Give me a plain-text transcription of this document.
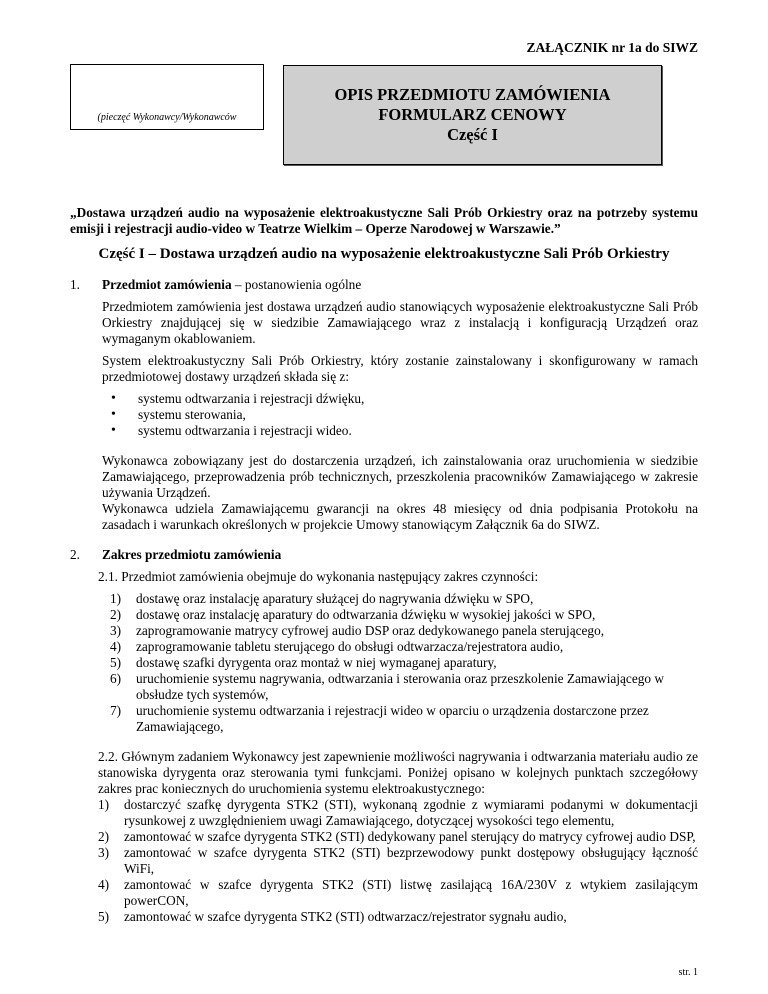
ZAŁĄCZNIK nr 1a do SIWZ
(pieczęć Wykonawcy/Wykonawców
OPIS PRZEDMIOTU ZAMÓWIENIA
FORMULARZ CENOWY
Część I
„Dostawa urządzeń audio na wyposażenie elektroakustyczne Sali Prób Orkiestry oraz na potrzeby systemu emisji i rejestracji audio-video w Teatrze Wielkim – Operze Narodowej w Warszawie.”
Część I – Dostawa urządzeń audio na wyposażenie elektroakustyczne Sali Prób Orkiestry
1. Przedmiot zamówienia – postanowienia ogólne
Przedmiotem zamówienia jest dostawa urządzeń audio stanowiących wyposażenie elektroakustyczne Sali Prób Orkiestry znajdującej się w siedzibie Zamawiającego wraz z instalacją i konfiguracją Urządzeń oraz wymaganym okablowaniem.
System elektroakustyczny Sali Prób Orkiestry, który zostanie zainstalowany i skonfigurowany w ramach przedmiotowej dostawy urządzeń składa się z:
• systemu odtwarzania i rejestracji dźwięku,
• systemu sterowania,
• systemu odtwarzania i rejestracji wideo.
Wykonawca zobowiązany jest do dostarczenia urządzeń, ich zainstalowania oraz uruchomienia w siedzibie Zamawiającego, przeprowadzenia prób technicznych, przeszkolenia pracowników Zamawiającego w zakresie używania Urządzeń.
Wykonawca udziela Zamawiającemu gwarancji na okres 48 miesięcy od dnia podpisania Protokołu na zasadach i warunkach określonych w projekcie Umowy stanowiącym Załącznik 6a do SIWZ.
2. Zakres przedmiotu zamówienia
2.1. Przedmiot zamówienia obejmuje do wykonania następujący zakres czynności:
1) dostawę oraz instalację aparatury służącej do nagrywania dźwięku w SPO,
2) dostawę oraz instalację aparatury do odtwarzania dźwięku w wysokiej jakości w SPO,
3) zaprogramowanie matrycy cyfrowej audio DSP oraz dedykowanego panela sterującego,
4) zaprogramowanie tabletu sterującego do obsługi odtwarzacza/rejestratora audio,
5) dostawę szafki dyrygenta oraz montaż w niej wymaganej aparatury,
6) uruchomienie systemu nagrywania, odtwarzania i sterowania oraz przeszkolenie Zamawiającego w obsłudze tych systemów,
7) uruchomienie systemu odtwarzania i rejestracji wideo w oparciu o urządzenia dostarczone przez Zamawiającego,
2.2. Głównym zadaniem Wykonawcy jest zapewnienie możliwości nagrywania i odtwarzania materiału audio ze stanowiska dyrygenta oraz sterowania tymi funkcjami. Poniżej opisano w kolejnych punktach szczegółowy zakres prac koniecznych do uruchomienia systemu elektroakustycznego:
1) dostarczyć szafkę dyrygenta STK2 (STI), wykonaną zgodnie z wymiarami podanymi w dokumentacji rysunkowej z uwzględnieniem uwagi Zamawiającego, dotyczącej wysokości tego elementu,
2) zamontować w szafce dyrygenta STK2 (STI) dedykowany panel sterujący do matrycy cyfrowej audio DSP,
3) zamontować w szafce dyrygenta STK2 (STI) bezprzewodowy punkt dostępowy obsługujący łączność WiFi,
4) zamontować w szafce dyrygenta STK2 (STI) listwę zasilającą 16A/230V z wtykiem zasilającym powerCON,
5) zamontować w szafce dyrygenta STK2 (STI) odtwarzacz/rejestrator sygnału audio,
str. 1
